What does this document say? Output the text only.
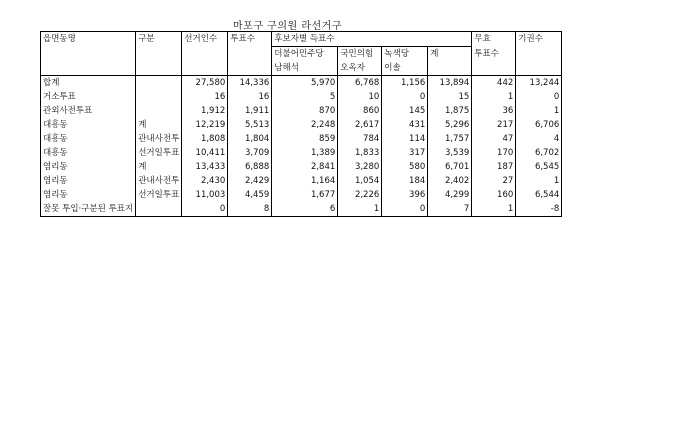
마포구 구의원 라선거구
읍면동명	구분	선거인수	투표수	후보자별 득표수				무효	기권수
				더불어민주당	국민의힘	녹색당	계	투표수	
				남해석	오옥자	이솔			
합계		27,580	14,336	5,970	6,768	1,156	13,894	442	13,244
거소투표		16	16	5	10	0	15	1	0
관외사전투표		1,912	1,911	870	860	145	1,875	36	1
대흥동	계	12,219	5,513	2,248	2,617	431	5,296	217	6,706
대흥동	관내사전투	1,808	1,804	859	784	114	1,757	47	4
대흥동	선거일투표	10,411	3,709	1,389	1,833	317	3,539	170	6,702
염리동	계	13,433	6,888	2,841	3,280	580	6,701	187	6,545
염리동	관내사전투	2,430	2,429	1,164	1,054	184	2,402	27	1
염리동	선거일투표	11,003	4,459	1,677	2,226	396	4,299	160	6,544
잘못 투입·구분된 투표지		0	8	6	1	0	7	1	-8
